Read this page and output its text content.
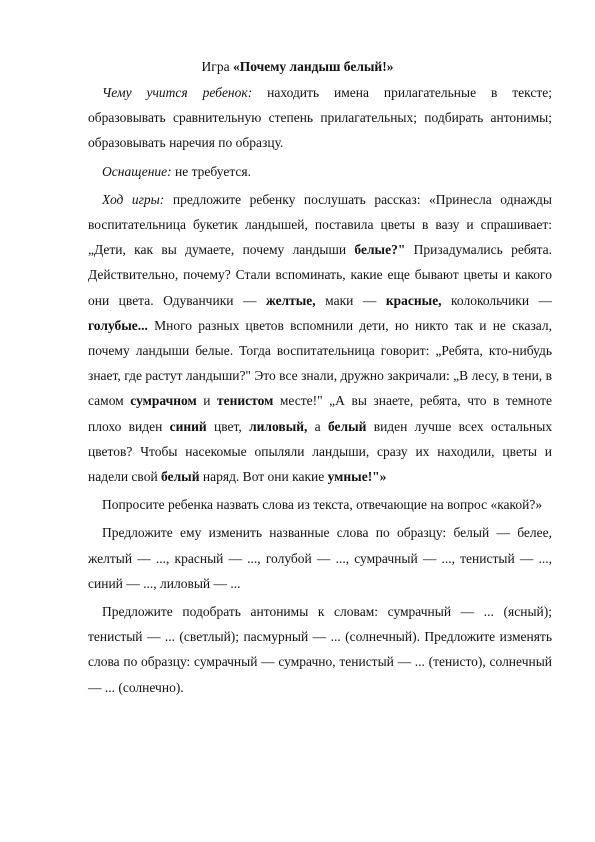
Игра «Почему ландыш белый!»

Чему учится ребенок: находить имена прилагательные в тексте; образовывать сравнительную степень прилагательных; подбирать антонимы; образовывать наречия по образцу.

Оснащение: не требуется.

Ход игры: предложите ребенку послушать рассказ: «Принесла однажды воспитательница букетик ландышей, поставила цветы в вазу и спрашивает: „Дети, как вы думаете, почему ландыши белые?" Призадумались ребята. Действительно, почему? Стали вспоминать, какие еще бывают цветы и какого они цвета. Одуванчики — желтые, маки — красные, колокольчики — голубые... Много разных цветов вспомнили дети, но никто так и не сказал, почему ландыши белые. Тогда воспитательница говорит: „Ребята, кто-нибудь знает, где растут ландыши?" Это все знали, дружно закричали: „В лесу, в тени, в самом сумрачном и тенистом месте!" „А вы знаете, ребята, что в темноте плохо виден синий цвет, лиловый, а белый виден лучше всех остальных цветов? Чтобы насекомые опыляли ландыши, сразу их находили, цветы и надели свой белый наряд. Вот они какие умные!"»

Попросите ребенка назвать слова из текста, отвечающие на вопрос «какой?»

Предложите ему изменить названные слова по образцу: белый — белее, желтый — ..., красный — ..., голубой — ..., сумрачный — ..., тенистый — ..., синий — ..., лиловый — ...

Предложите подобрать антонимы к словам: сумрачный — ... (ясный); тенистый — ... (светлый); пасмурный — ... (солнечный). Предложите изменять слова по образцу: сумрачный — сумрачно, тенистый — ... (тенисто), солнечный — ... (солнечно).
